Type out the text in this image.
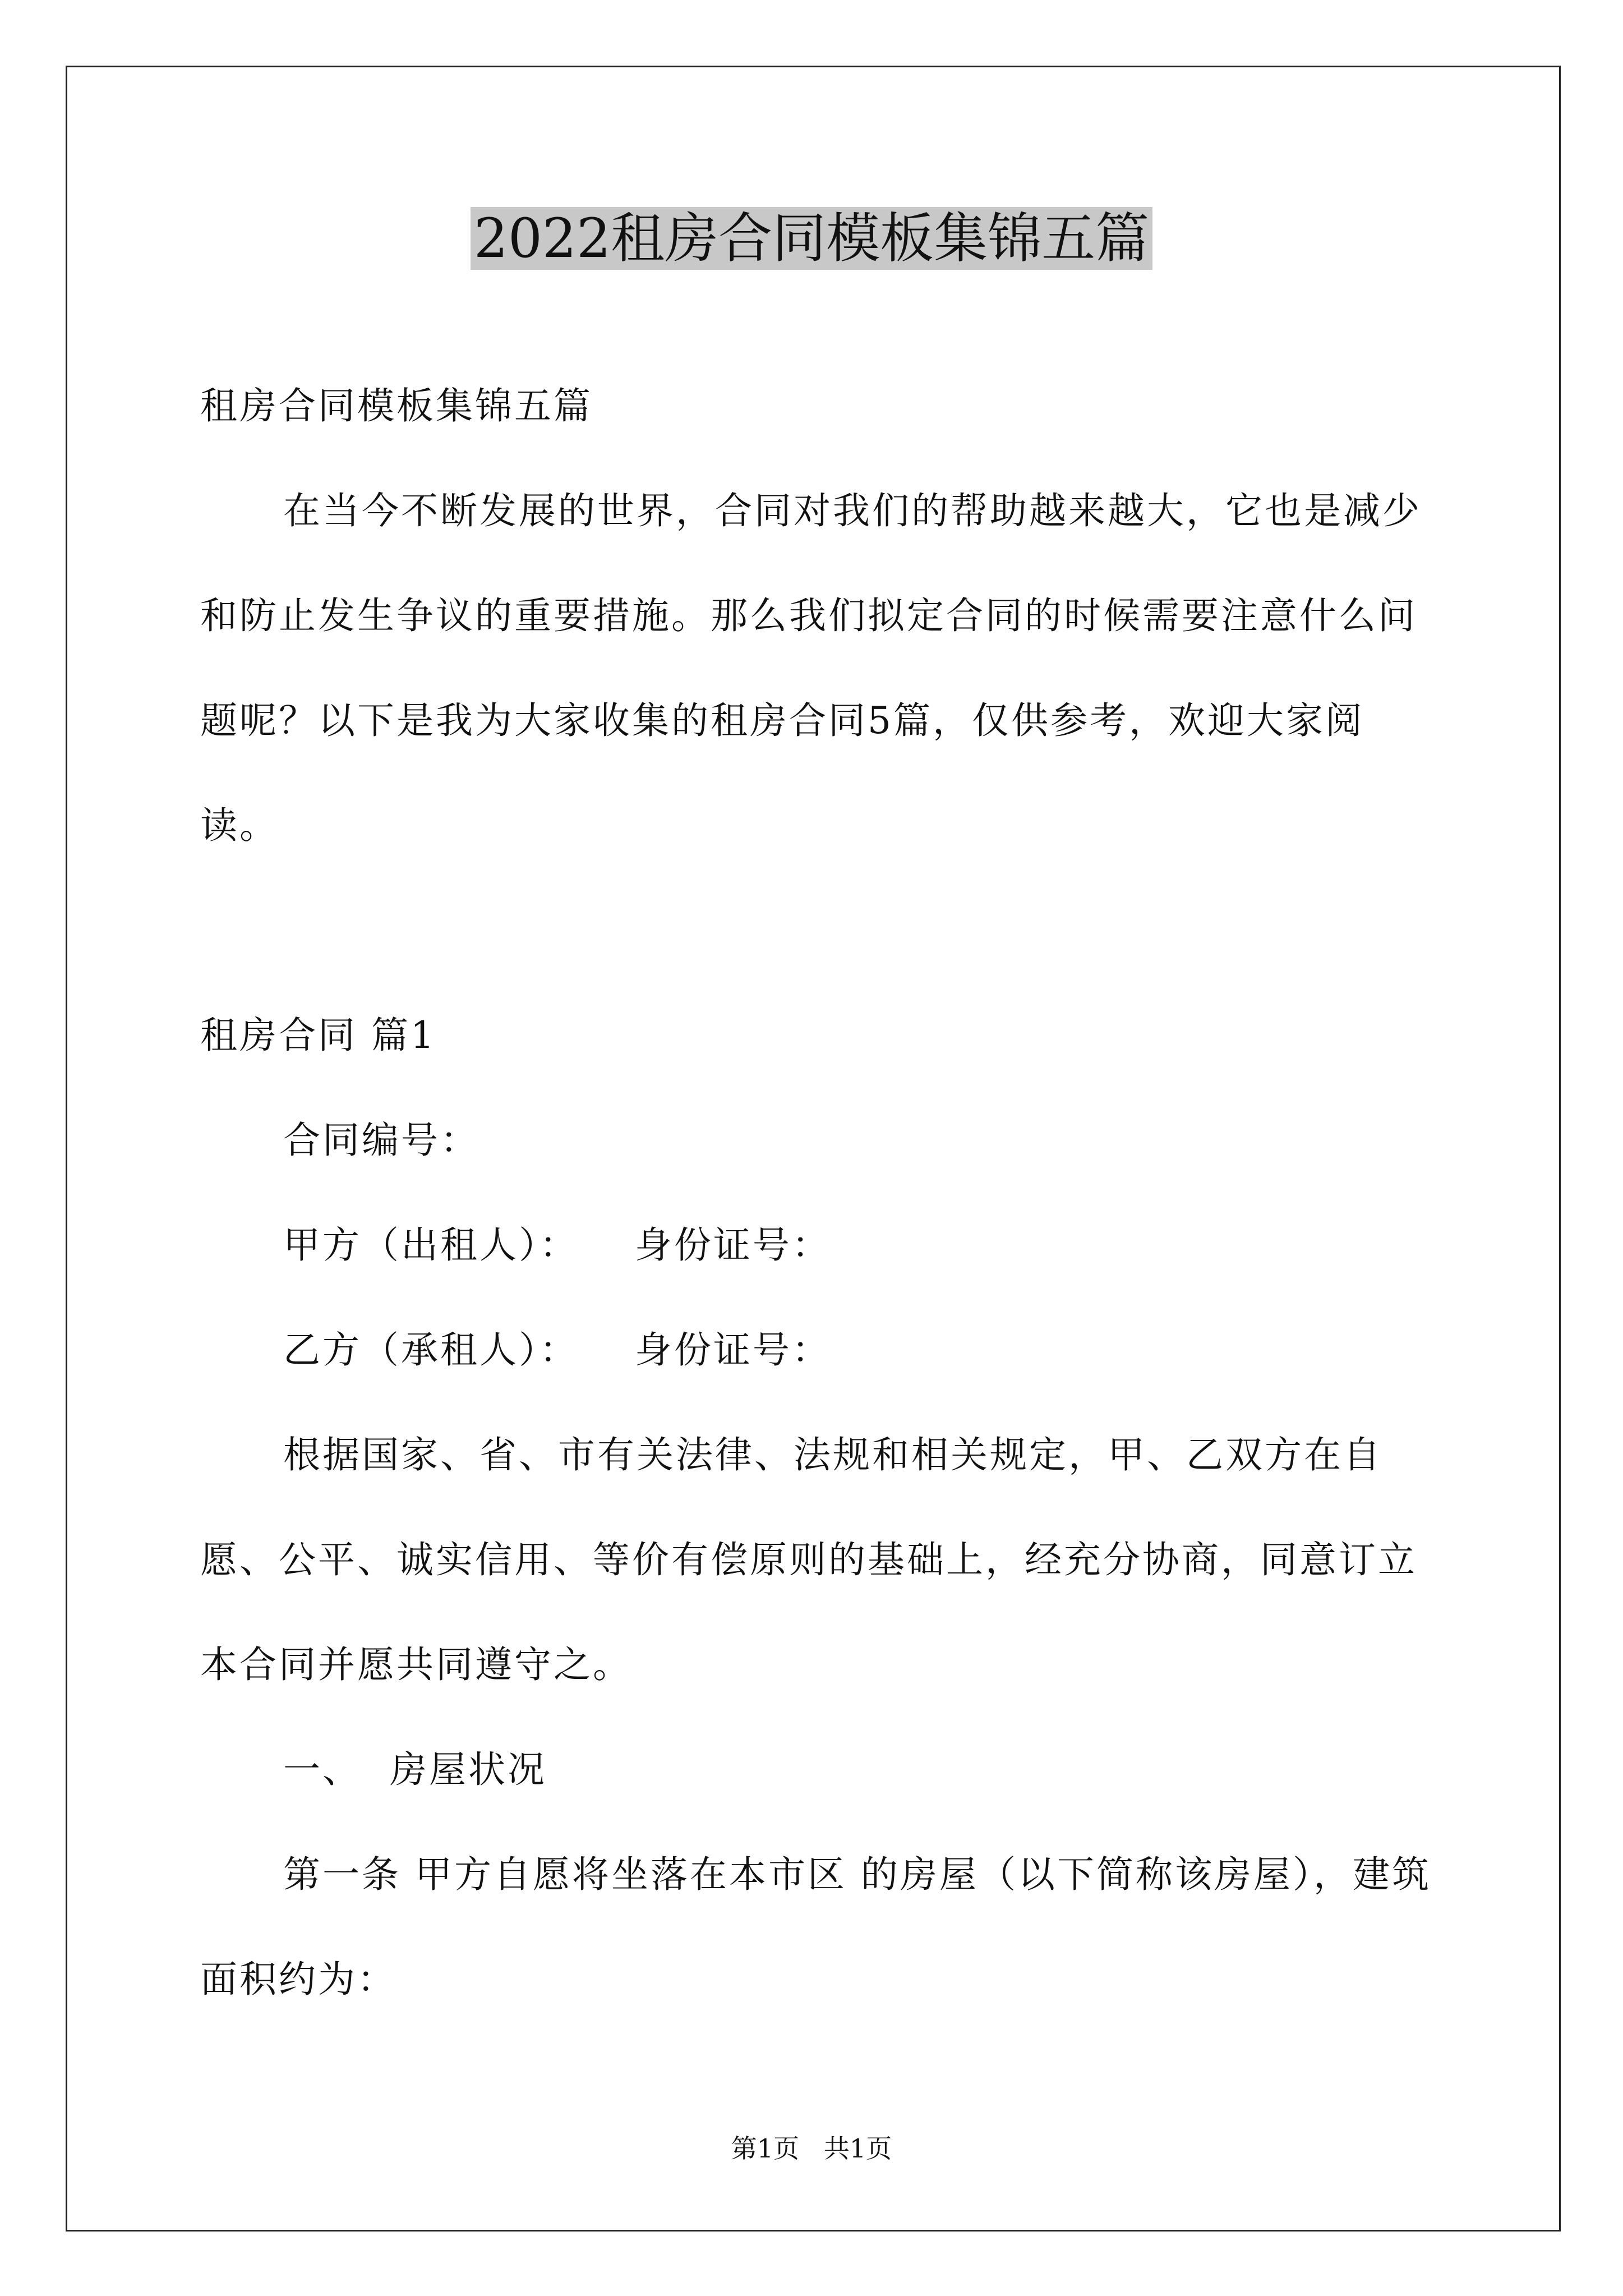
2022租房合同模板集锦五篇

租房合同模板集锦五篇

在当今不断发展的世界，合同对我们的帮助越来越大，它也是减少和防止发生争议的重要措施。那么我们拟定合同的时候需要注意什么问题呢？以下是我为大家收集的租房合同5篇，仅供参考，欢迎大家阅读。

租房合同 篇1

合同编号：

甲方（出租人）：    身份证号：

乙方（承租人）：    身份证号：

根据国家、省、市有关法律、法规和相关规定，甲、乙双方在自愿、公平、诚实信用、等价有偿原则的基础上，经充分协商，同意订立本合同并愿共同遵守之。

一、  房屋状况

第一条 甲方自愿将坐落在本市区 的房屋（以下简称该房屋），建筑面积约为：

第1页   共1页
